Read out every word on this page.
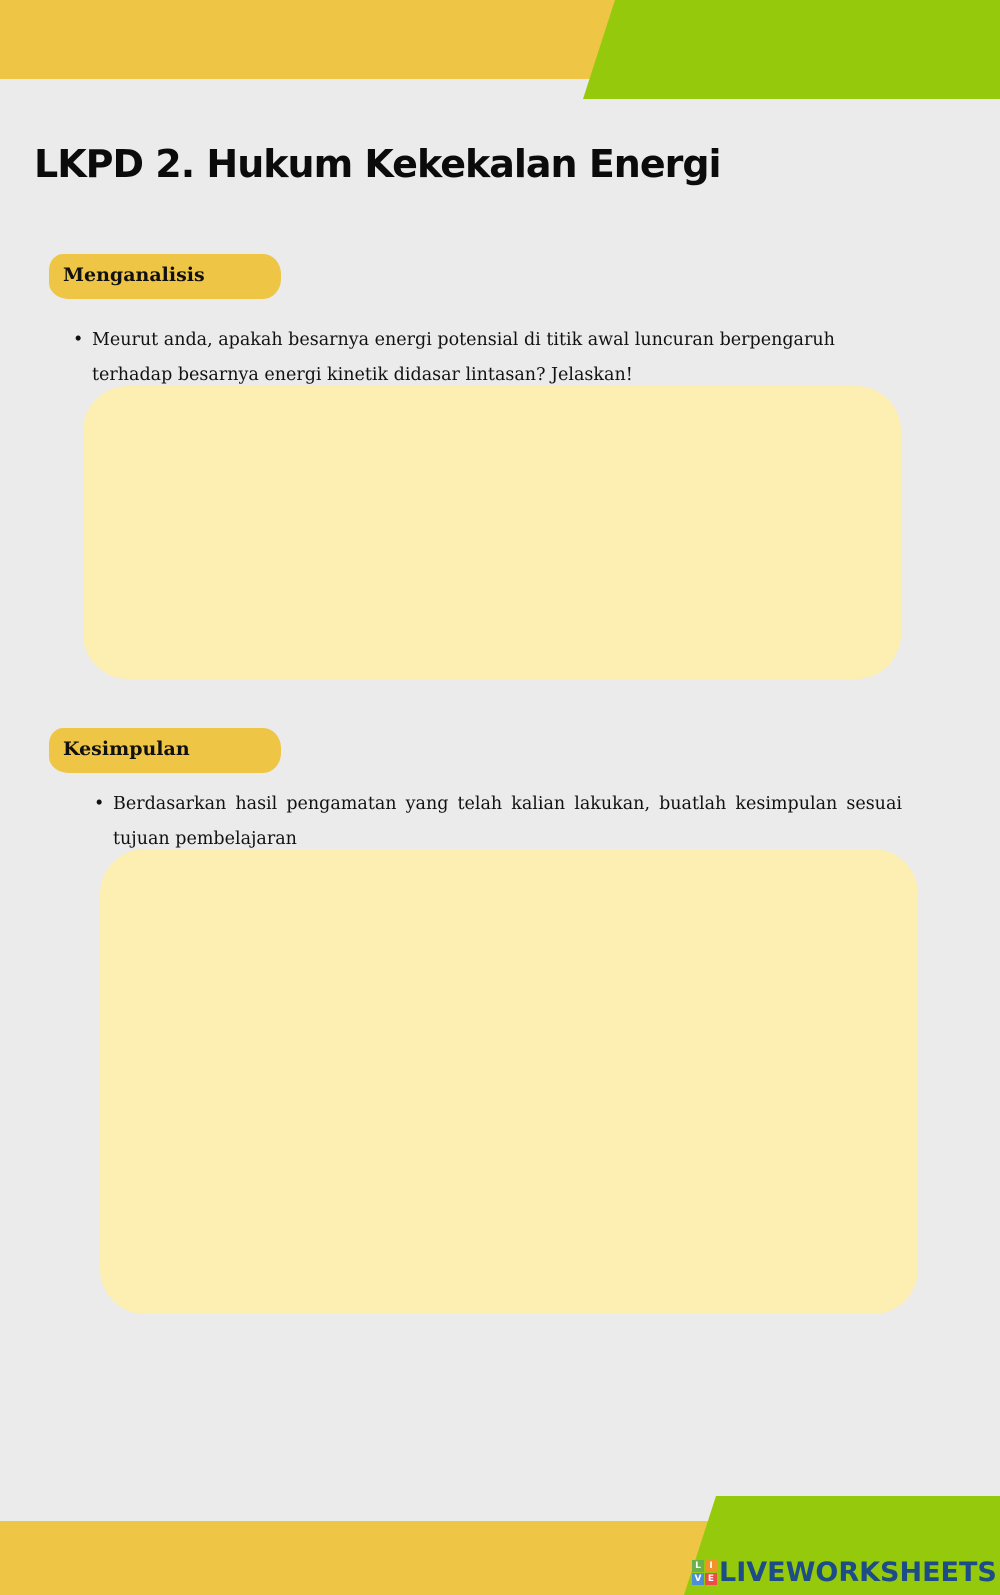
LKPD 2. Hukum Kekekalan Energi
Menganalisis
• Meurut anda, apakah besarnya energi potensial di titik awal luncuran berpengaruh terhadap besarnya energi kinetik didasar lintasan? Jelaskan!
Kesimpulan
• Berdasarkan hasil pengamatan yang telah kalian lakukan, buatlah kesimpulan sesuai tujuan pembelajaran
L I
V E LIVEWORKSHEETS
